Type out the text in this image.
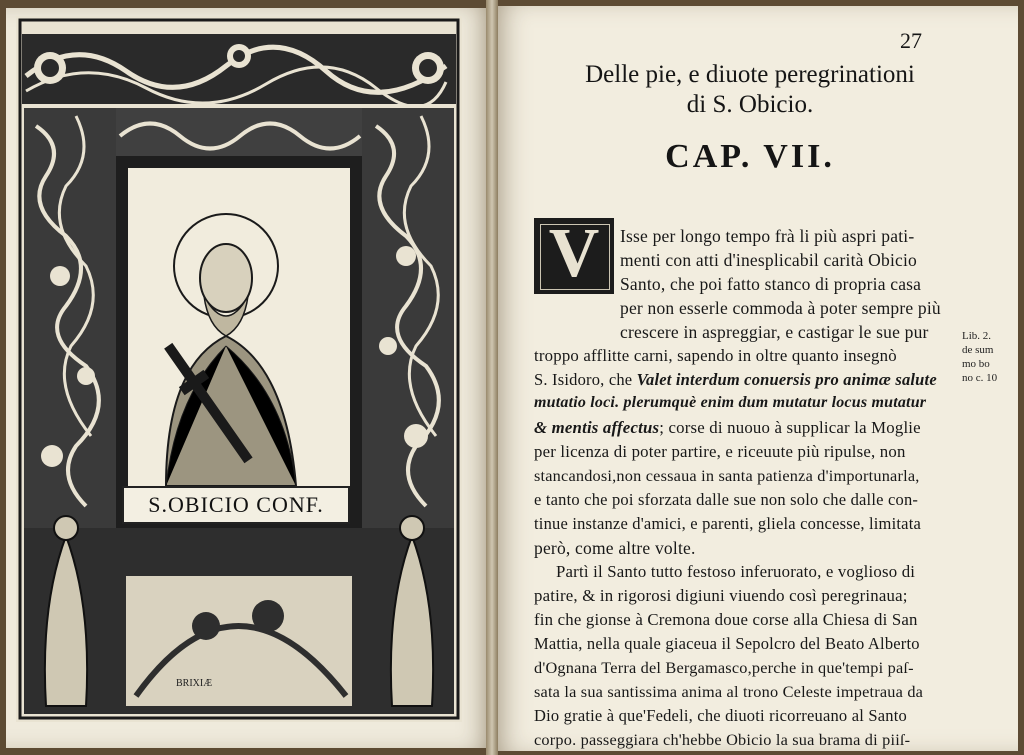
S.OBICIO CONF.
BRIXIÆ
27
Delle pie, e diuote peregrinationi
di S. Obicio.
CAP. VII.
V	Isse per longo tempo frà li più aspri pati-
menti con atti d'inesplicabil carità Obicio
Santo, che poi fatto stanco di propria casa
per non esserle commoda à poter sempre più
crescere in aspreggiar, e castigar le sue pur
troppo afflitte carni, sapendo in oltre quanto insegnò
S. Isidoro, che Valet interdum conuersis pro animæ salute
mutatio loci. plerumquè enim dum mutatur locus mutatur
& mentis affectus; corse di nuouo à supplicar la Moglie
per licenza di poter partire, e riceuute più ripulse, non
stancandosi,non cessaua in santa patienza d'importunarla,
e tanto che poi sforzata dalle sue non solo che dalle con-
tinue instanze d'amici, e parenti, gliela concesse, limitata
però, come altre volte.
Partì il Santo tutto festoso inferuorato, e voglioso di
patire, & in rigorosi digiuni viuendo così peregrinaua;
fin che gionse à Cremona doue corse alla Chiesa di San
Mattia, nella quale giaceua il Sepolcro del Beato Alberto
d'Ognana Terra del Bergamasco,perche in que'tempi paſ-
sata la sua santissima anima al trono Celeste impetraua da
Dio gratie à que'Fedeli, che diuoti ricorreuano al Santo
corpo. passeggiara ch'hebbe Obicio la sua brama di piiſ-
Lib. 2.
de sum
mo bo
no c. 10
